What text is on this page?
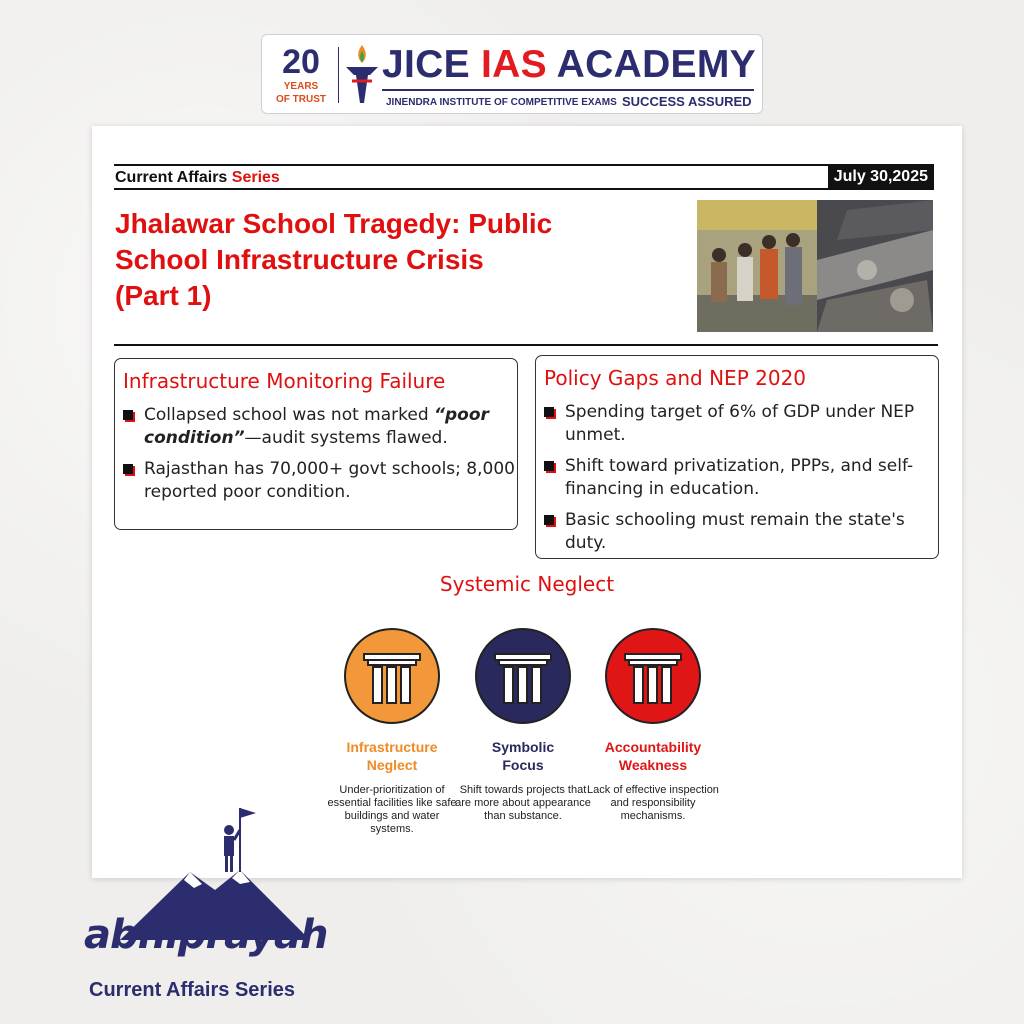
20
YEARS
OF TRUST
JICE IAS ACADEMY
JINENDRA INSTITUTE OF COMPETITIVE EXAMS SUCCESS ASSURED
Current Affairs Series	July 30,2025
Jhalawar School Tragedy: Public
School Infrastructure Crisis
(Part 1)
Infrastructure Monitoring Failure
Collapsed school was not marked “poor condition”—audit systems flawed.
Rajasthan has 70,000+ govt schools; 8,000 reported poor condition.
Policy Gaps and NEP 2020
Spending target of 6% of GDP under NEP unmet.
Shift toward privatization, PPPs, and self-financing in education.
Basic schooling must remain the state's duty.
Systemic Neglect
Infrastructure
Neglect
Under-prioritization of essential facilities like safe buildings and water systems.
Symbolic
Focus
Shift towards projects that are more about appearance than substance.
Accountability
Weakness
Lack of effective inspection and responsibility mechanisms.
abhiprayah
Current Affairs Series
